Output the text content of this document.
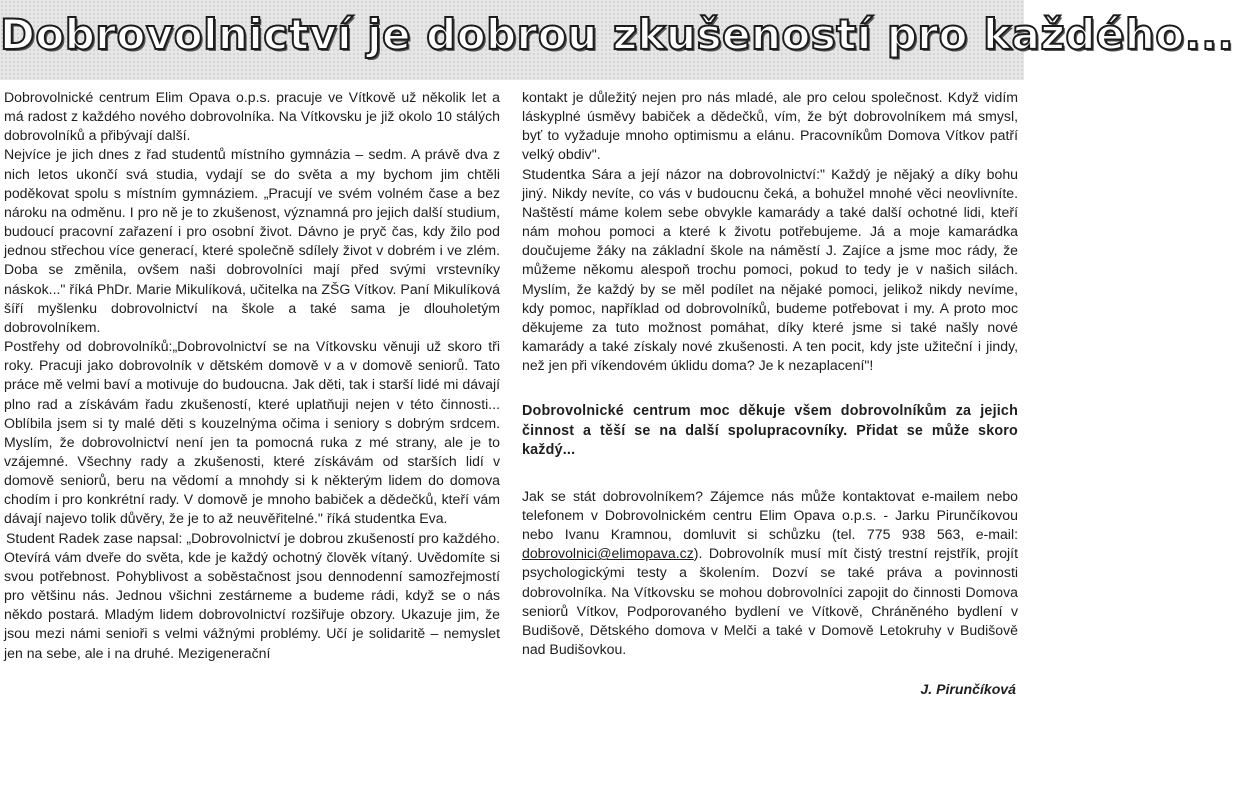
Dobrovolnictví je dobrou zkušeností pro každého...

Dobrovolnické centrum Elim Opava o.p.s. pracuje ve Vítkově už několik let a má radost z každého nového dobrovolníka. Na Vítkovsku je již okolo 10 stálých dobrovolníků a přibývají další.

Nejvíce je jich dnes z řad studentů místního gymnázia – sedm. A právě dva z nich letos ukončí svá studia, vydají se do světa a my bychom jim chtěli poděkovat spolu s místním gymnáziem. „Pracují ve svém volném čase a bez nároku na odměnu. I pro ně je to zkušenost, významná pro jejich další studium, budoucí pracovní zařazení i pro osobní život. Dávno je pryč čas, kdy žilo pod jednou střechou více generací, které společně sdílely život v dobrém i ve zlém. Doba se změnila, ovšem naši dobrovolníci mají před svými vrstevníky náskok..." říká PhDr. Marie Mikulíková, učitelka na ZŠG Vítkov. Paní Mikulíková šíří myšlenku dobrovolnictví na škole a také sama je dlouholetým dobrovolníkem.

Postřehy od dobrovolníků:„Dobrovolnictví se na Vítkovsku věnuji už skoro tři roky. Pracuji jako dobrovolník v dětském domově v a v domově seniorů. Tato práce mě velmi baví a motivuje do budoucna. Jak děti, tak i starší lidé mi dávají plno rad a získávám řadu zkušeností, které uplatňuji nejen v této činnosti... Oblíbila jsem si ty malé děti s kouzelnýma očima i seniory s dobrým srdcem. Myslím, že dobrovolnictví není jen ta pomocná ruka z mé strany, ale je to vzájemné. Všechny rady a zkušenosti, které získávám od starších lidí v domově seniorů, beru na vědomí a mnohdy si k některým lidem do domova chodím i pro konkrétní rady. V domově je mnoho babiček a dědečků, kteří vám dávají najevo tolik důvěry, že je to až neuvěřitelné." říká studentka Eva.

Student Radek zase napsal: „Dobrovolnictví je dobrou zkušeností pro každého. Otevírá vám dveře do světa, kde je každý ochotný člověk vítaný. Uvědomíte si svou potřebnost. Pohyblivost a soběstačnost jsou dennodenní samozřejmostí pro většinu nás. Jednou všichni zestárneme a budeme rádi, když se o nás někdo postará. Mladým lidem dobrovolnictví rozšiřuje obzory. Ukazuje jim, že jsou mezi námi senioři s velmi vážnými problémy. Učí je solidaritě – nemyslet jen na sebe, ale i na druhé. Mezigenerační

kontakt je důležitý nejen pro nás mladé, ale pro celou společnost. Když vidím láskyplné úsměvy babiček a dědečků, vím, že být dobrovolníkem má smysl, byť to vyžaduje mnoho optimismu a elánu. Pracovníkům Domova Vítkov patří velký obdiv".

Studentka Sára a její názor na dobrovolnictví:" Každý je nějaký a díky bohu jiný. Nikdy nevíte, co vás v budoucnu čeká, a bohužel mnohé věci neovlivníte. Naštěstí máme kolem sebe obvykle kamarády a také další ochotné lidi, kteří nám mohou pomoci a které k životu potřebujeme. Já a moje kamarádka doučujeme žáky na základní škole na náměstí J. Zajíce a jsme moc rády, že můžeme někomu alespoň trochu pomoci, pokud to tedy je v našich silách. Myslím, že každý by se měl podílet na nějaké pomoci, jelikož nikdy nevíme, kdy pomoc, například od dobrovolníků, budeme potřebovat i my. A proto moc děkujeme za tuto možnost pomáhat, díky které jsme si také našly nové kamarády a také získaly nové zkušenosti. A ten pocit, kdy jste užiteční i jindy, než jen při víkendovém úklidu doma? Je k nezaplacení"!

Dobrovolnické centrum moc děkuje všem dobrovolníkům za jejich činnost a těší se na další spolupracovníky. Přidat se může skoro každý...

Jak se stát dobrovolníkem? Zájemce nás může kontaktovat e-mailem nebo telefonem v Dobrovolnickém centru Elim Opava o.p.s. - Jarku Pirunčíkovou nebo Ivanu Kramnou, domluvit si schůzku (tel. 775 938 563, e-mail: dobrovolnici@elimopava.cz). Dobrovolník musí mít čistý trestní rejstřík, projít psychologickými testy a školením. Dozví se také práva a povinnosti dobrovolníka. Na Vítkovsku se mohou dobrovolníci zapojit do činnosti Domova seniorů Vítkov, Podporovaného bydlení ve Vítkově, Chráněného bydlení v Budišově, Dětského domova v Melči a také v Domově Letokruhy v Budišově nad Budišovkou.

J. Pirunčíková
